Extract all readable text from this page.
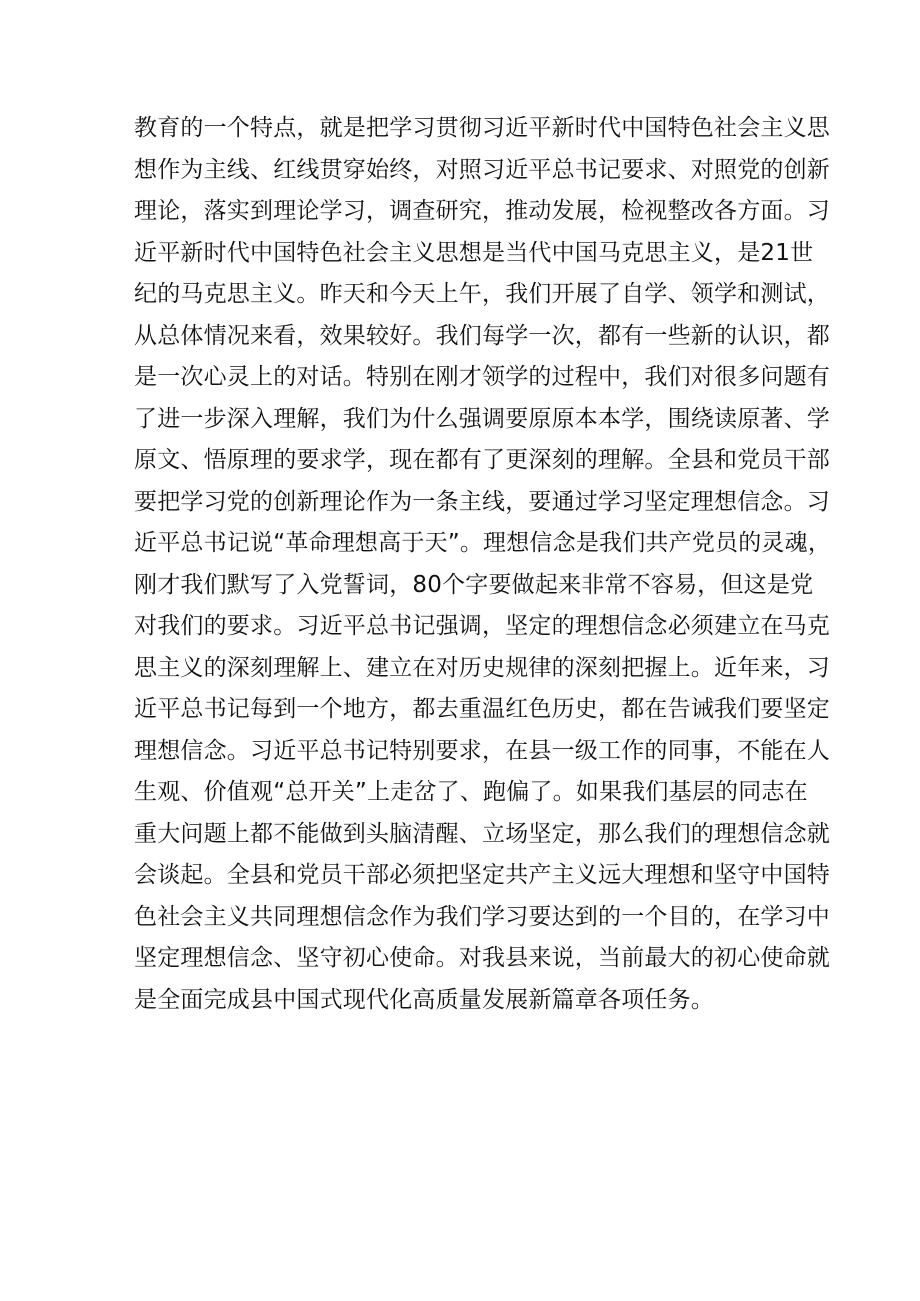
教育的一个特点，就是把学习贯彻习近平新时代中国特色社会主义思
想作为主线、红线贯穿始终，对照习近平总书记要求、对照党的创新
理论，落实到理论学习，调查研究，推动发展，检视整改各方面。习
近平新时代中国特色社会主义思想是当代中国马克思主义，是21世
纪的马克思主义。昨天和今天上午，我们开展了自学、领学和测试，
从总体情况来看，效果较好。我们每学一次，都有一些新的认识，都
是一次心灵上的对话。特别在刚才领学的过程中，我们对很多问题有
了进一步深入理解，我们为什么强调要原原本本学，围绕读原著、学
原文、悟原理的要求学，现在都有了更深刻的理解。全县和党员干部
要把学习党的创新理论作为一条主线，要通过学习坚定理想信念。习
近平总书记说“革命理想高于天”。理想信念是我们共产党员的灵魂，
刚才我们默写了入党誓词，80个字要做起来非常不容易，但这是党
对我们的要求。习近平总书记强调，坚定的理想信念必须建立在马克
思主义的深刻理解上、建立在对历史规律的深刻把握上。近年来，习
近平总书记每到一个地方，都去重温红色历史，都在告诫我们要坚定
理想信念。习近平总书记特别要求，在县一级工作的同事，不能在人
生观、价值观“总开关”上走岔了、跑偏了。如果我们基层的同志在
重大问题上都不能做到头脑清醒、立场坚定，那么我们的理想信念就
会谈起。全县和党员干部必须把坚定共产主义远大理想和坚守中国特
色社会主义共同理想信念作为我们学习要达到的一个目的，在学习中
坚定理想信念、坚守初心使命。对我县来说，当前最大的初心使命就
是全面完成县中国式现代化高质量发展新篇章各项任务。
